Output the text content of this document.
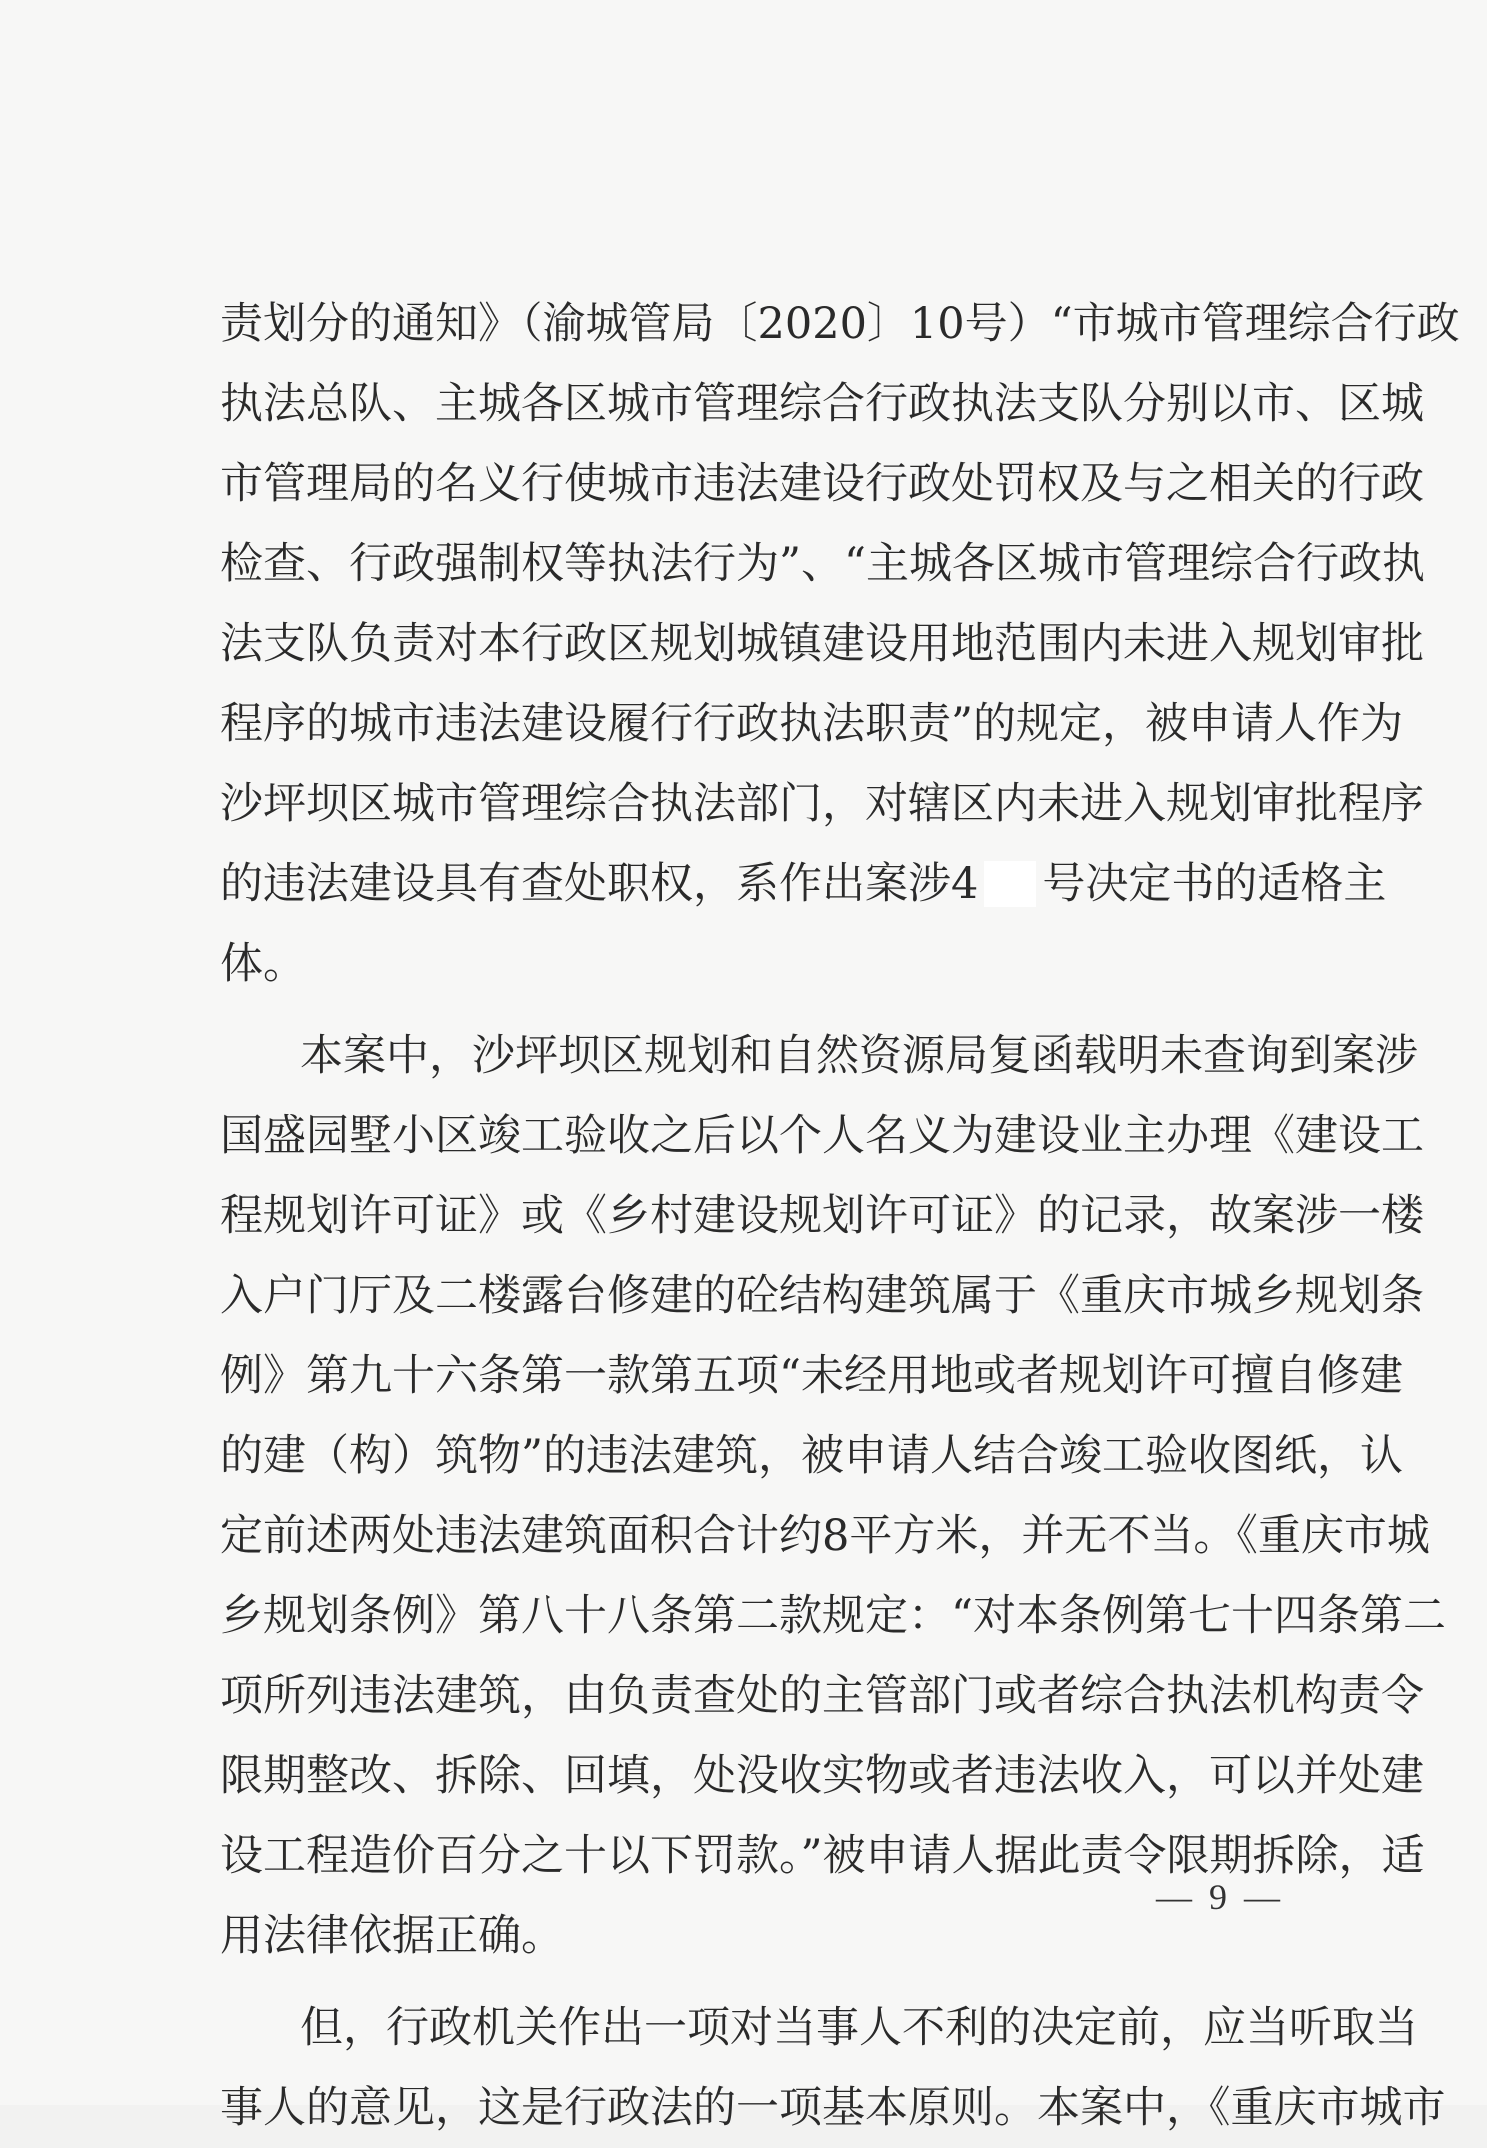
责划分的通知》（渝城管局〔2020〕10号）“市城市管理综合行政
执法总队、主城各区城市管理综合行政执法支队分别以市、区城
市管理局的名义行使城市违法建设行政处罚权及与之相关的行政
检查、行政强制权等执法行为”、“主城各区城市管理综合行政执
法支队负责对本行政区规划城镇建设用地范围内未进入规划审批
程序的城市违法建设履行行政执法职责”的规定，被申请人作为
沙坪坝区城市管理综合执法部门，对辖区内未进入规划审批程序
的违法建设具有查处职权，系作出案涉4 号决定书的适格主
体。
本案中，沙坪坝区规划和自然资源局复函载明未查询到案涉
国盛园墅小区竣工验收之后以个人名义为建设业主办理《建设工
程规划许可证》或《乡村建设规划许可证》的记录，故案涉一楼
入户门厅及二楼露台修建的砼结构建筑属于《重庆市城乡规划条
例》第九十六条第一款第五项“未经用地或者规划许可擅自修建
的建（构）筑物”的违法建筑，被申请人结合竣工验收图纸，认
定前述两处违法建筑面积合计约8平方米，并无不当。《重庆市城
乡规划条例》第八十八条第二款规定：“对本条例第七十四条第二
项所列违法建筑，由负责查处的主管部门或者综合执法机构责令
限期整改、拆除、回填，处没收实物或者违法收入，可以并处建
设工程造价百分之十以下罚款。”被申请人据此责令限期拆除，适
用法律依据正确。
但，行政机关作出一项对当事人不利的决定前，应当听取当
事人的意见，这是行政法的一项基本原则。本案中，《重庆市城市
— 9 —
